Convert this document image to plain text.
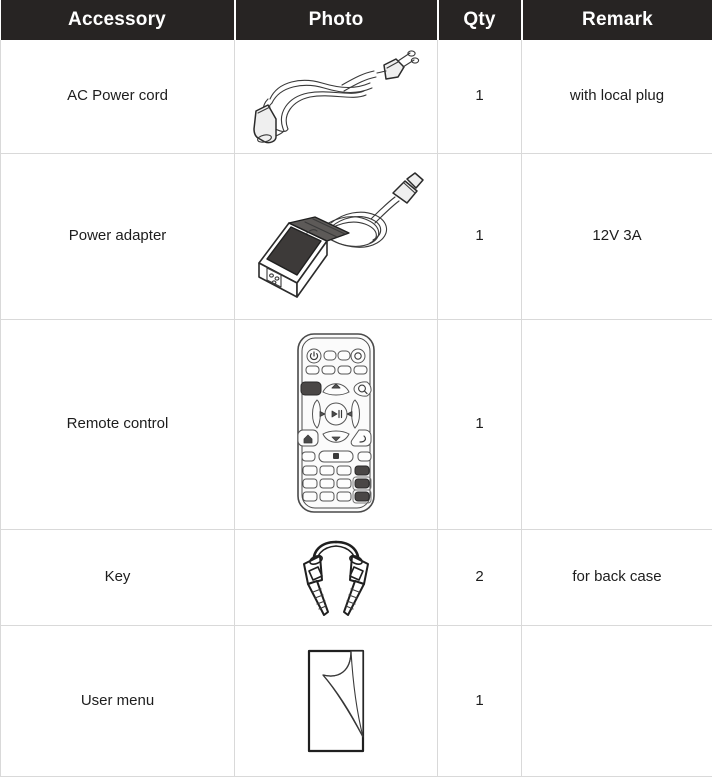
Accessory	Photo	Qty	Remark

AC Power cord		1	with local plug

Power adapter		1	12V 3A

Remote control		1	

Key		2	for back case

User menu		1	
